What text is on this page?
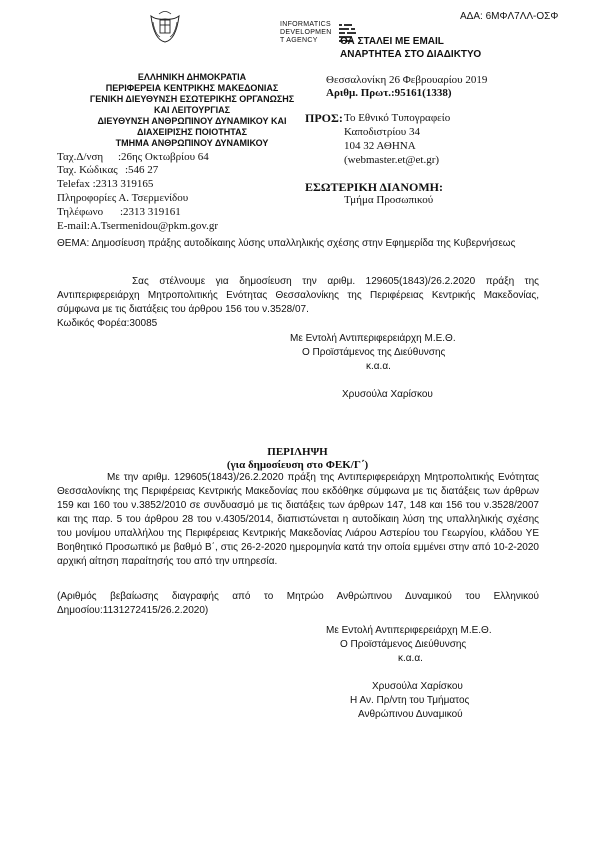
ΑΔΑ: 6ΜΦΛ7ΛΛ-ΟΣΦ
INFORMATICS
DEVELOPMEN
T AGENCY	ΘΑ ΣΤΑΛΕΙ ΜΕ EMAIL
ΑΝΑΡΤΗΤΕΑ ΣΤΟ ΔΙΑΔΙΚΤΥΟ
ΕΛΛΗΝΙΚΗ ΔΗΜΟΚΡΑΤΙΑ
ΠΕΡΙΦΕΡΕΙΑ ΚΕΝΤΡΙΚΗΣ ΜΑΚΕΔΟΝΙΑΣ
ΓΕΝΙΚΗ ΔΙΕΥΘΥΝΣΗ ΕΣΩΤΕΡΙΚΗΣ ΟΡΓΑΝΩΣΗΣ
ΚΑΙ ΛΕΙΤΟΥΡΓΙΑΣ
ΔΙΕΥΘΥΝΣΗ ΑΝΘΡΩΠΙΝΟΥ ΔΥΝΑΜΙΚΟΥ ΚΑΙ
ΔΙΑΧΕΙΡΙΣΗΣ ΠΟΙΟΤΗΤΑΣ
ΤΜΗΜΑ ΑΝΘΡΩΠΙΝΟΥ ΔΥΝΑΜΙΚΟΥ
Θεσσαλονίκη 26 Φεβρουαρίου 2019
Αριθμ. Πρωτ.:95161(1338)
Ταχ.Δ/νση :26ης Οκτωβρίου 64
Ταχ. Κώδικας :546 27
Telefax :2313 319165
Πληροφορίες Α. Τσερμενίδου
Τηλέφωνο :2313 319161
E-mail:A.Tsermenidou@pkm.gov.gr
ΠΡΟΣ: Το Εθνικό Τυπογραφείο
Καποδιστρίου 34
104 32 ΑΘΗΝΑ
(webmaster.et@et.gr)
ΕΣΩΤΕΡΙΚΗ ΔΙΑΝΟΜΗ:
Τμήμα Προσωπικού
ΘΕΜΑ: Δημοσίευση πράξης αυτοδίκαιης λύσης υπαλληλικής σχέσης στην Εφημερίδα της Κυβερνήσεως
Σας στέλνουμε για δημοσίευση την αριθμ. 129605(1843)/26.2.2020 πράξη της Αντιπεριφερειάρχη Μητροπολιτικής Ενότητας Θεσσαλονίκης της Περιφέρειας Κεντρικής Μακεδονίας, σύμφωνα με τις διατάξεις του άρθρου 156 του ν.3528/07.
Κωδικός Φορέα:30085
Με Εντολή Αντιπεριφερειάρχη Μ.Ε.Θ.
Ο Προϊστάμενος της Διεύθυνσης
κ.α.α.
Χρυσούλα Χαρίσκου
ΠΕΡΙΛΗΨΗ
(για δημοσίευση στο ΦΕΚ/Γ΄)
Με την αριθμ. 129605(1843)/26.2.2020 πράξη της Αντιπεριφερειάρχη Μητροπολιτικής Ενότητας Θεσσαλονίκης της Περιφέρειας Κεντρικής Μακεδονίας που εκδόθηκε σύμφωνα με τις διατάξεις των άρθρων 159 και 160 του ν.3852/2010 σε συνδυασμό με τις διατάξεις των άρθρων 147, 148 και 156 του ν.3528/2007 και της παρ. 5 του άρθρου 28 του ν.4305/2014, διαπιστώνεται η αυτοδίκαιη λύση της υπαλληλικής σχέσης του μονίμου υπαλλήλου της Περιφέρειας Κεντρικής Μακεδονίας Λιάρου Αστερίου του Γεωργίου, κλάδου ΥΕ Βοηθητικό Προσωπικό με βαθμό Β΄, στις 26-2-2020 ημερομηνία κατά την οποία εμμένει στην από 10-2-2020 αρχική αίτηση παραίτησής του από την υπηρεσία.
(Αριθμός βεβαίωσης διαγραφής από το Μητρώο Ανθρώπινου Δυναμικού του Ελληνικού Δημοσίου:1131272415/26.2.2020)
Με Εντολή Αντιπεριφερειάρχη Μ.Ε.Θ.
Ο Προϊστάμενος Διεύθυνσης
κ.α.α.
Χρυσούλα Χαρίσκου
Η Αν. Πρ/ντη του Τμήματος
Ανθρώπινου Δυναμικού
